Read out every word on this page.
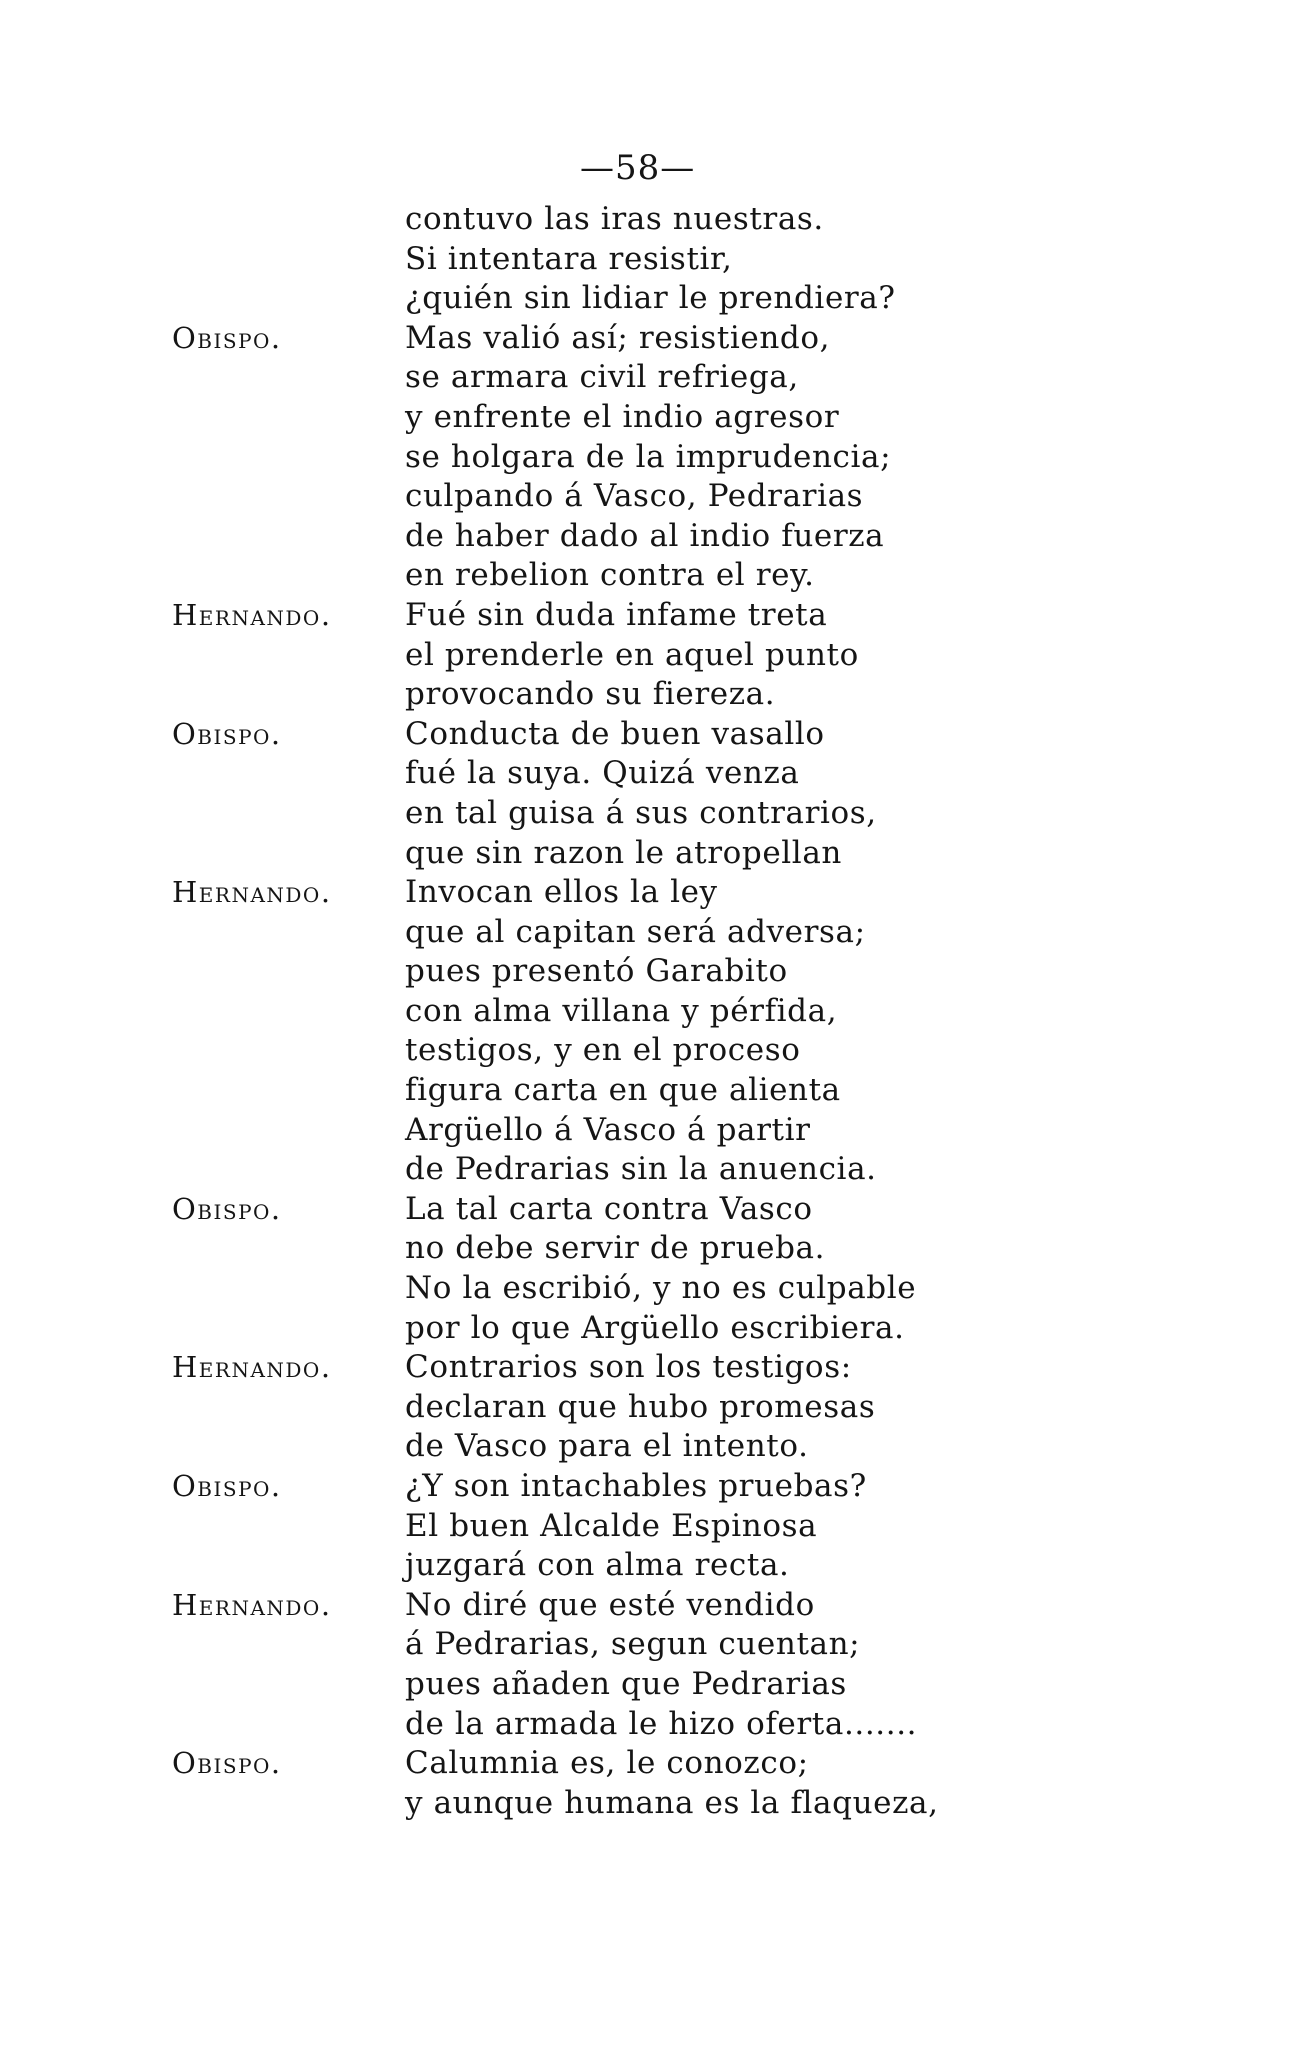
—58—
contuvo las iras nuestras.
Si intentara resistir,
¿quién sin lidiar le prendiera?
Obispo.	Mas valió así; resistiendo,
se armara civil refriega,
y enfrente el indio agresor
se holgara de la imprudencia;
culpando á Vasco, Pedrarias
de haber dado al indio fuerza
en rebelion contra el rey.
Hernando. Fué sin duda infame treta
el prenderle en aquel punto
provocando su fiereza.
Obispo.	Conducta de buen vasallo
fué la suya. Quizá venza
en tal guisa á sus contrarios,
que sin razon le atropellan
Hernando. Invocan ellos la ley
que al capitan será adversa;
pues presentó Garabito
con alma villana y pérfida,
testigos, y en el proceso
figura carta en que alienta
Argüello á Vasco á partir
de Pedrarias sin la anuencia.
Obispo.	La tal carta contra Vasco
no debe servir de prueba.
No la escribió, y no es culpable
por lo que Argüello escribiera.
Hernando. Contrarios son los testigos:
declaran que hubo promesas
de Vasco para el intento.
Obispo.	¿Y son intachables pruebas?
El buen Alcalde Espinosa
juzgará con alma recta.
Hernando. No diré que esté vendido
á Pedrarias, segun cuentan;
pues añaden que Pedrarias
de la armada le hizo oferta.......
Obispo.	Calumnia es, le conozco;
y aunque humana es la flaqueza,
